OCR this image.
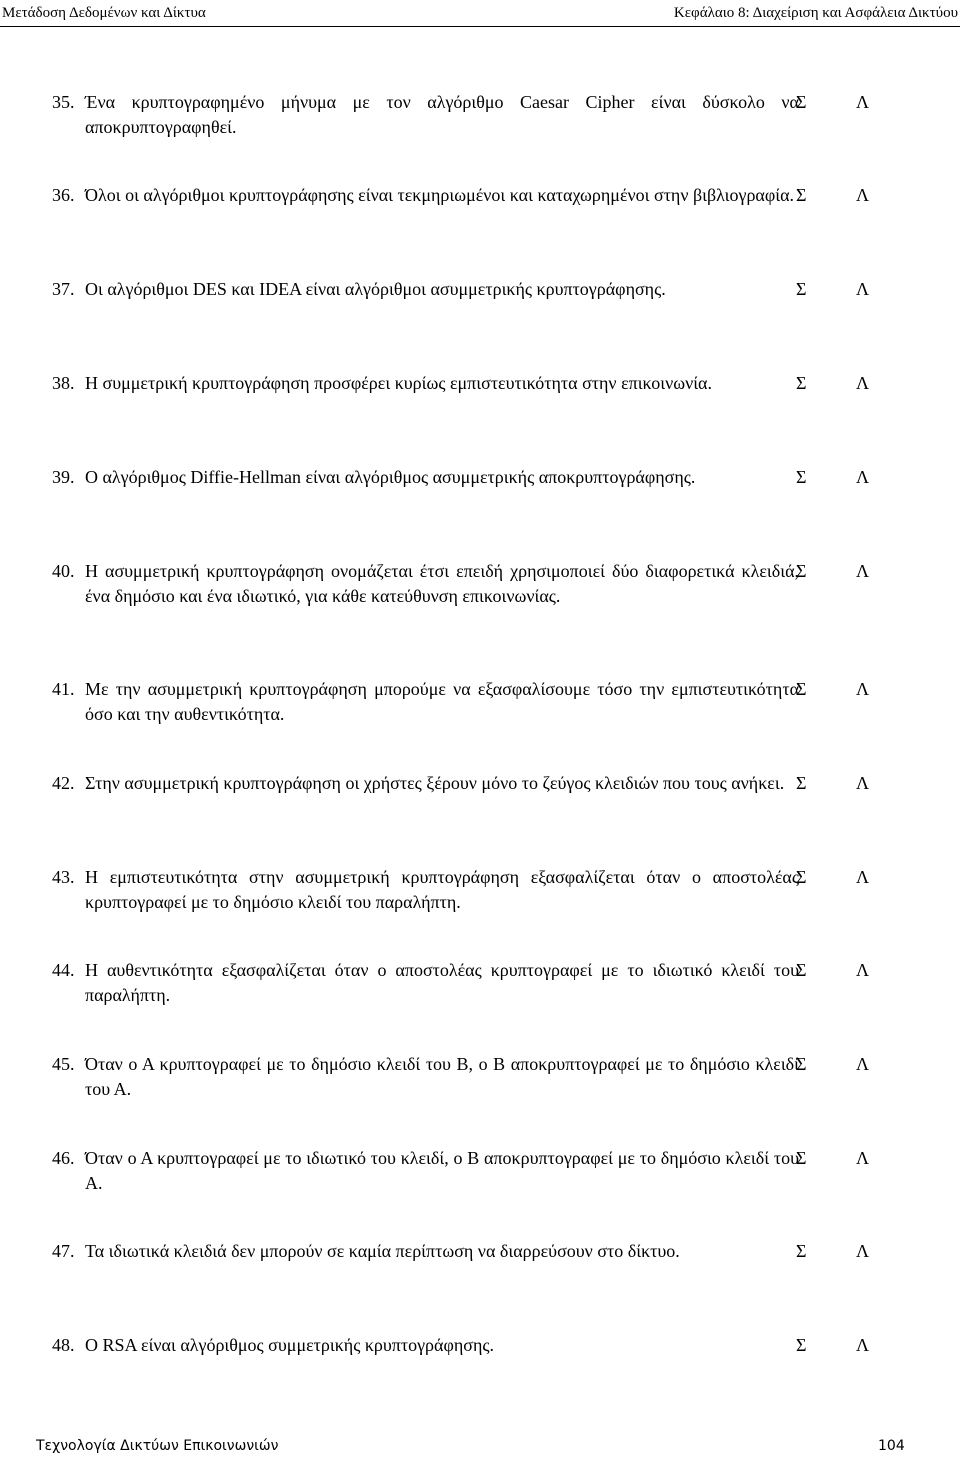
Μετάδοση Δεδομένων και Δίκτυα	Κεφάλαιο 8: Διαχείριση και Ασφάλεια Δικτύου
35. Ένα κρυπτογραφημένο μήνυμα με τον αλγόριθμο Caesar Cipher είναι δύσκολο να αποκρυπτογραφηθεί.
Σ	Λ
36. Όλοι οι αλγόριθμοι κρυπτογράφησης είναι τεκμηριωμένοι και καταχωρημένοι στην βιβλιογραφία. Σ	Λ
37. Οι αλγόριθμοι DES και IDEA είναι αλγόριθμοι ασυμμετρικής κρυπτογράφησης.	Σ	Λ
38. Η συμμετρική κρυπτογράφηση προσφέρει κυρίως εμπιστευτικότητα στην επικοινωνία.	Σ	Λ
39. Ο αλγόριθμος Diffie-Hellman είναι αλγόριθμος ασυμμετρικής αποκρυπτογράφησης.	Σ	Λ
40. Η ασυμμετρική κρυπτογράφηση ονομάζεται έτσι επειδή χρησιμοποιεί δύο διαφορετικά κλειδιά, ένα δημόσιο και ένα ιδιωτικό, για κάθε κατεύθυνση επικοινωνίας.
Σ	Λ
41. Με την ασυμμετρική κρυπτογράφηση μπορούμε να εξασφαλίσουμε τόσο την εμπιστευτικότητα όσο και την αυθεντικότητα.
Σ	Λ
42. Στην ασυμμετρική κρυπτογράφηση οι χρήστες ξέρουν μόνο το ζεύγος κλειδιών που τους ανήκει. Σ	Λ
43. Η εμπιστευτικότητα στην ασυμμετρική κρυπτογράφηση εξασφαλίζεται όταν ο αποστολέας κρυπτογραφεί με το δημόσιο κλειδί του παραλήπτη.
Σ	Λ
44. Η αυθεντικότητα εξασφαλίζεται όταν ο αποστολέας κρυπτογραφεί με το ιδιωτικό κλειδί του παραλήπτη.
Σ	Λ
45. Όταν ο Α κρυπτογραφεί με το δημόσιο κλειδί του Β, ο Β αποκρυπτογραφεί με το δημόσιο κλειδί του Α.
Σ	Λ
46. Όταν ο Α κρυπτογραφεί με το ιδιωτικό του κλειδί, ο Β αποκρυπτογραφεί με το δημόσιο κλειδί του Α.
Σ	Λ
47. Τα ιδιωτικά κλειδιά δεν μπορούν σε καμία περίπτωση να διαρρεύσουν στο δίκτυο.	Σ	Λ
48. Ο RSA είναι αλγόριθμος συμμετρικής κρυπτογράφησης.	Σ	Λ
Τεχνολογία Δικτύων Επικοινωνιών	104
